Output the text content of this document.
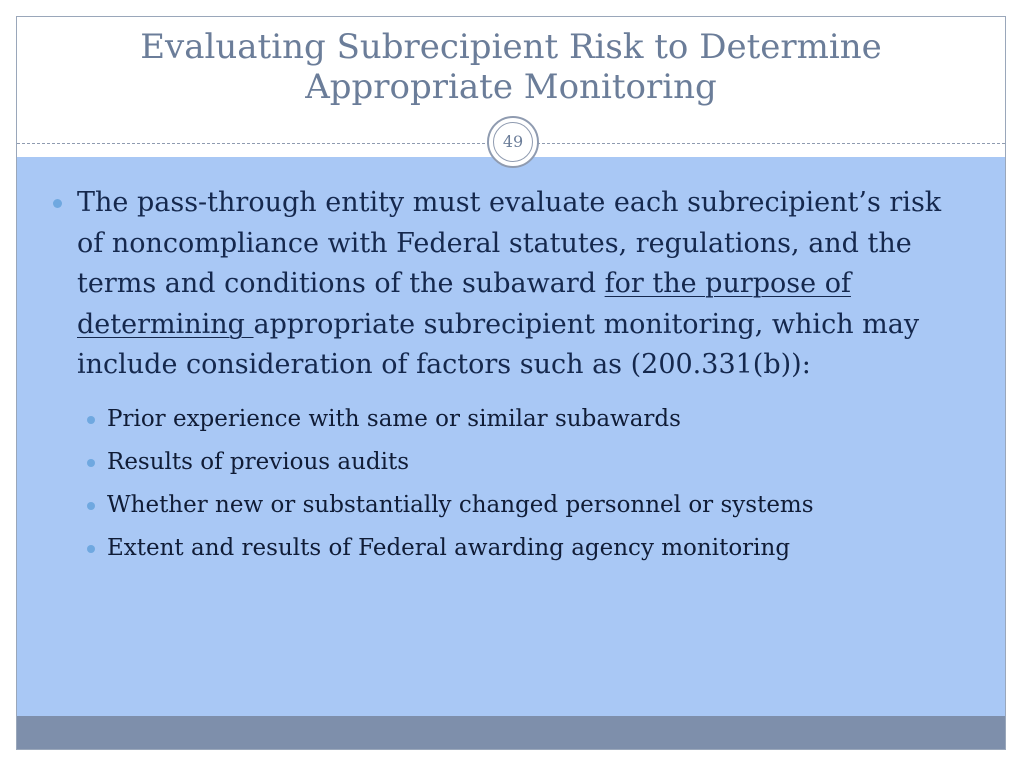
Evaluating Subrecipient Risk to Determine Appropriate Monitoring
The pass-through entity must evaluate each subrecipient’s risk of noncompliance with Federal statutes, regulations, and the terms and conditions of the subaward for the purpose of determining appropriate subrecipient monitoring, which may include consideration of factors such as (200.331(b)):
Prior experience with same or similar subawards
Results of previous audits
Whether new or substantially changed personnel or systems
Extent and results of Federal awarding agency monitoring
49
